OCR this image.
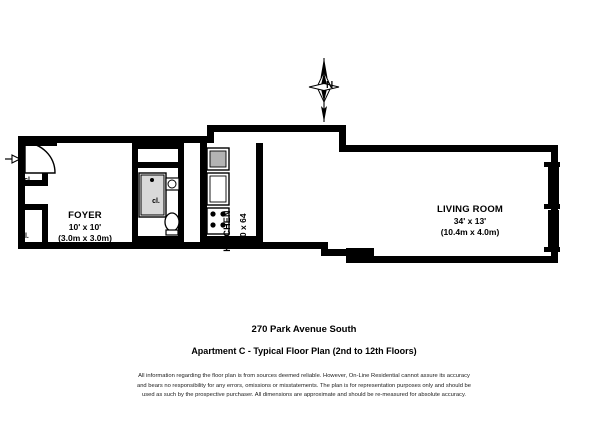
N
FOYER
10' x 10'
(3.0m x 3.0m)
LIVING ROOM
34' x 13'
(10.4m x 4.0m)
KITCHEN 7'10 x 64
cl.
cl.
cl.
270 Park Avenue South
Apartment C - Typical Floor Plan (2nd to 12th Floors)
All information regarding the floor plan is from sources deemed reliable. However, On-Line Residential cannot assure its accuracy
and bears no responsibility for any errors, omissions or misstatements. The plan is for representation purposes only and should be
used as such by the prospective purchaser. All dimensions are approximate and should be re-measured for absolute accuracy.
